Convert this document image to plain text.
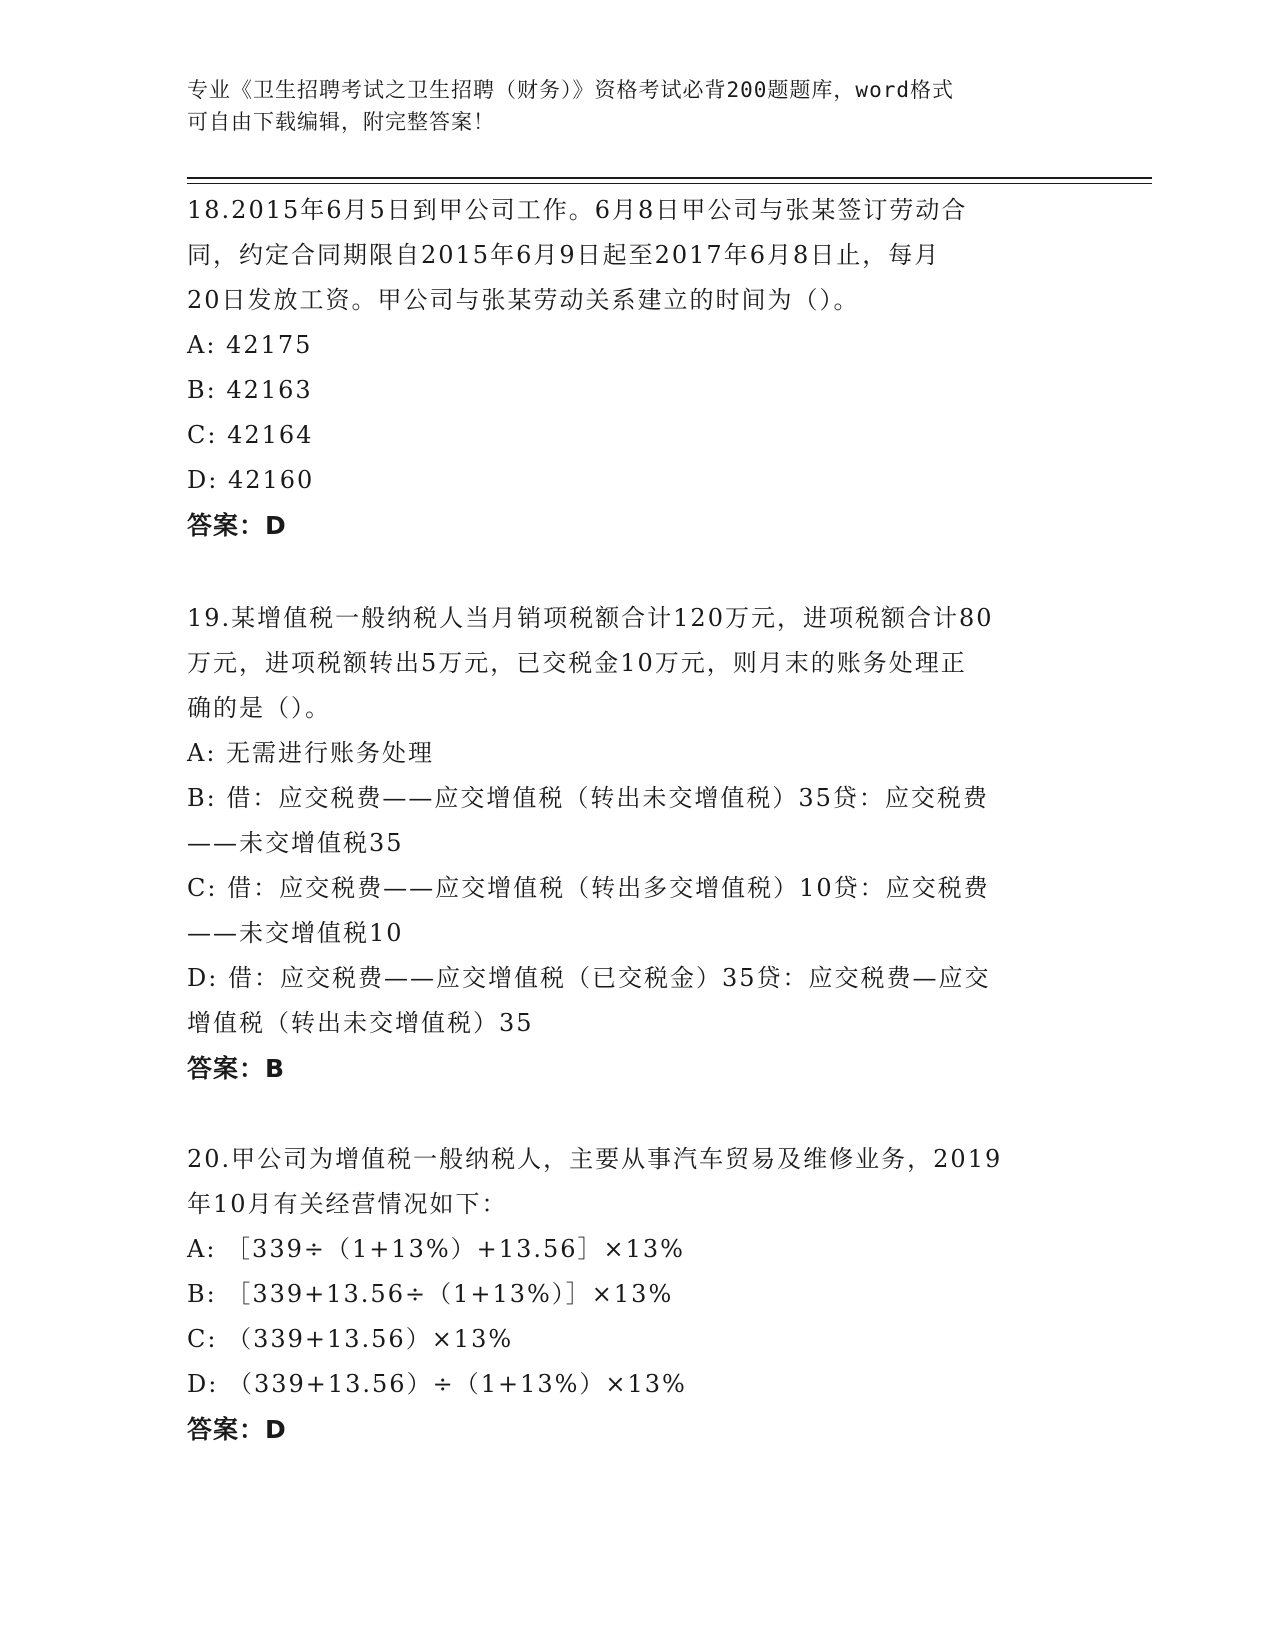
专业《卫生招聘考试之卫生招聘（财务）》资格考试必背200题题库，word格式
可自由下载编辑，附完整答案！
18.2015年6月5日到甲公司工作。6月8日甲公司与张某签订劳动合
同，约定合同期限自2015年6月9日起至2017年6月8日止，每月
20日发放工资。甲公司与张某劳动关系建立的时间为（）。
A: 42175
B: 42163
C: 42164
D: 42160
答案：D
19.某增值税一般纳税人当月销项税额合计120万元，进项税额合计80
万元，进项税额转出5万元，已交税金10万元，则月末的账务处理正
确的是（）。
A: 无需进行账务处理
B: 借：应交税费——应交增值税（转出未交增值税）35贷：应交税费
——未交增值税35
C: 借：应交税费——应交增值税（转出多交增值税）10贷：应交税费
——未交增值税10
D: 借：应交税费——应交增值税（已交税金）35贷：应交税费—应交
增值税（转出未交增值税）35
答案：B
20.甲公司为增值税一般纳税人，主要从事汽车贸易及维修业务，2019
年10月有关经营情况如下：
A: ［339÷（1+13%）+13.56］×13%
B: ［339+13.56÷（1+13%）］×13%
C: （339+13.56）×13%
D: （339+13.56）÷（1+13%）×13%
答案：D
